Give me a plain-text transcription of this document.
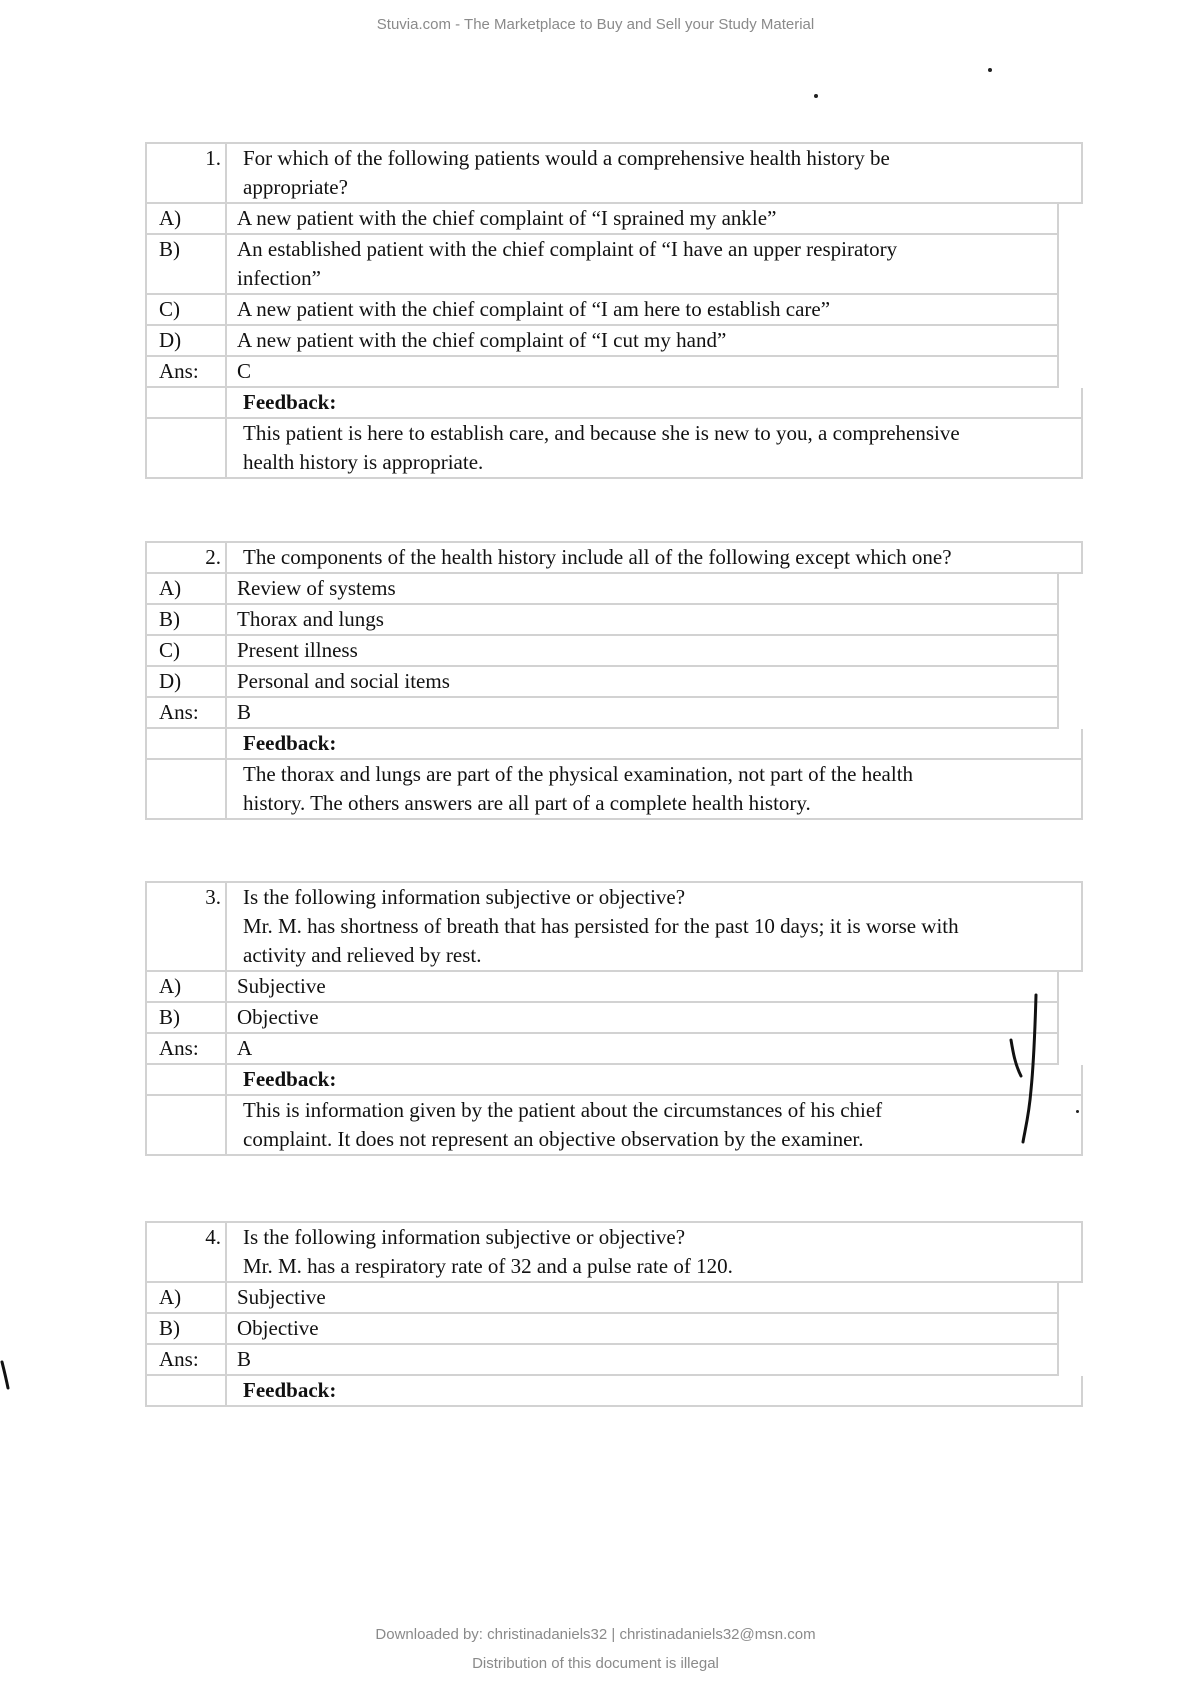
Stuvia.com - The Marketplace to Buy and Sell your Study Material
1. For which of the following patients would a comprehensive health history be
appropriate?
A)	A new patient with the chief complaint of “I sprained my ankle”
B)	An established patient with the chief complaint of “I have an upper respiratory
infection”
C)	A new patient with the chief complaint of “I am here to establish care”
D)	A new patient with the chief complaint of “I cut my hand”
Ans:	C
Feedback:
This patient is here to establish care, and because she is new to you, a comprehensive
health history is appropriate.
2.	The components of the health history include all of the following except which one?
A)	Review of systems
B)	Thorax and lungs
C)	Present illness
D)	Personal and social items
Ans:	B
Feedback:
The thorax and lungs are part of the physical examination, not part of the health
history. The others answers are all part of a complete health history.
3. Is the following information subjective or objective?
Mr. M. has shortness of breath that has persisted for the past 10 days; it is worse with
activity and relieved by rest.
A)	Subjective
B)	Objective
Ans:	A
Feedback:
This is information given by the patient about the circumstances of his chief
complaint. It does not represent an objective observation by the examiner.
4. Is the following information subjective or objective?
Mr. M. has a respiratory rate of 32 and a pulse rate of 120.
A)	Subjective
B)	Objective
Ans:	B
Feedback:
Downloaded by: christinadaniels32 | christinadaniels32@msn.com
Distribution of this document is illegal
